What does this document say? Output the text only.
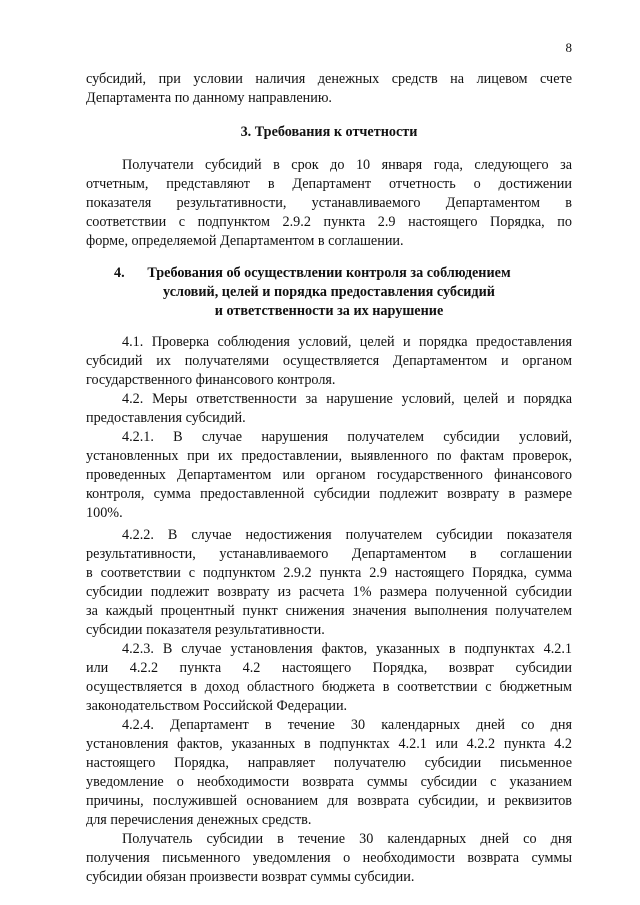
8
субсидий, при условии наличия денежных средств на лицевом счете
Департамента по данному направлению.
3. Требования к отчетности
Получатели субсидий в срок до 10 января года, следующего за
отчетным, представляют в Департамент отчетность о достижении
показателя результативности, устанавливаемого Департаментом в
соответствии с подпунктом 2.9.2 пункта 2.9 настоящего Порядка, по
форме, определяемой Департаментом в соглашении.
4.	Требования об осуществлении контроля за соблюдением
условий, целей и порядка предоставления субсидий
и ответственности за их нарушение
4.1. Проверка соблюдения условий, целей и порядка предоставления
субсидий их получателями осуществляется Департаментом и органом
государственного финансового контроля.
4.2. Меры ответственности за нарушение условий, целей и порядка
предоставления субсидий.
4.2.1. В случае нарушения получателем субсидии условий,
установленных при их предоставлении, выявленного по фактам проверок,
проведенных Департаментом или органом государственного финансового
контроля, сумма предоставленной субсидии подлежит возврату в размере
100%.
4.2.2. В случае недостижения получателем субсидии показателя
результативности, устанавливаемого Департаментом в соглашении
в соответствии с подпунктом 2.9.2 пункта 2.9 настоящего Порядка, сумма
субсидии подлежит возврату из расчета 1% размера полученной субсидии
за каждый процентный пункт снижения значения выполнения получателем
субсидии показателя результативности.
4.2.3. В случае установления фактов, указанных в подпунктах 4.2.1
или 4.2.2 пункта 4.2 настоящего Порядка, возврат субсидии
осуществляется в доход областного бюджета в соответствии с бюджетным
законодательством Российской Федерации.
4.2.4. Департамент в течение 30 календарных дней со дня
установления фактов, указанных в подпунктах 4.2.1 или 4.2.2 пункта 4.2
настоящего Порядка, направляет получателю субсидии письменное
уведомление о необходимости возврата суммы субсидии с указанием
причины, послужившей основанием для возврата субсидии, и реквизитов
для перечисления денежных средств.
Получатель субсидии в течение 30 календарных дней со дня
получения письменного уведомления о необходимости возврата суммы
субсидии обязан произвести возврат суммы субсидии.
